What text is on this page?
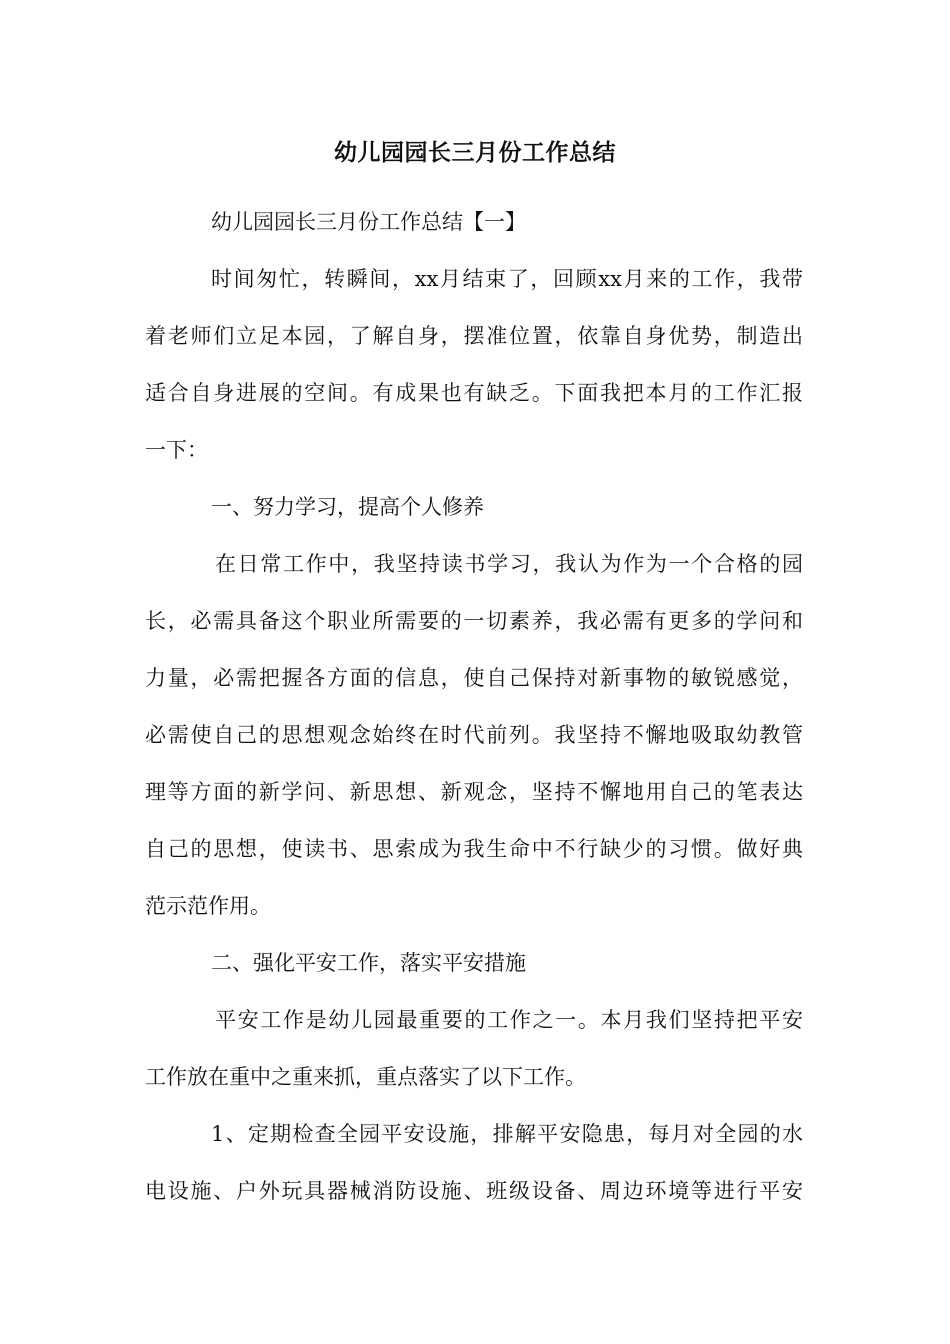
幼儿园园长三月份工作总结
幼儿园园长三月份工作总结【一】
时间匆忙，转瞬间，xx月结束了，回顾xx月来的工作，我带
着老师们立足本园，了解自身，摆准位置，依靠自身优势，制造出
适合自身进展的空间。有成果也有缺乏。下面我把本月的工作汇报
一下：
一、努力学习，提高个人修养
在日常工作中，我坚持读书学习，我认为作为一个合格的园
长，必需具备这个职业所需要的一切素养，我必需有更多的学问和
力量，必需把握各方面的信息，使自己保持对新事物的敏锐感觉，
必需使自己的思想观念始终在时代前列。我坚持不懈地吸取幼教管
理等方面的新学问、新思想、新观念，坚持不懈地用自己的笔表达
自己的思想，使读书、思索成为我生命中不行缺少的习惯。做好典
范示范作用。
二、强化平安工作，落实平安措施
平安工作是幼儿园最重要的工作之一。本月我们坚持把平安
工作放在重中之重来抓，重点落实了以下工作。
1、定期检查全园平安设施，排解平安隐患，每月对全园的水
电设施、户外玩具器械消防设施、班级设备、周边环境等进行平安
